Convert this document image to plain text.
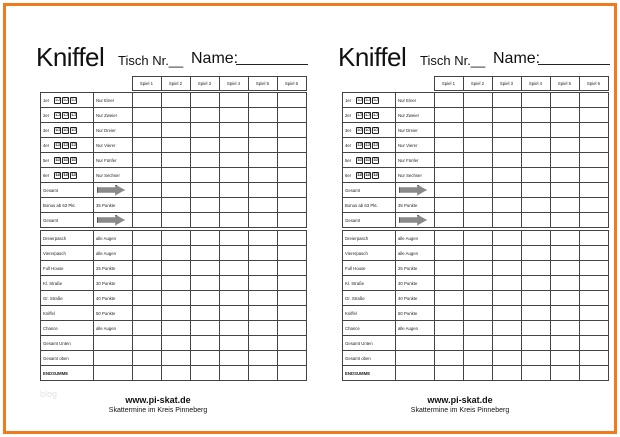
blog
Kniffel Tisch Nr.__ Name:
		Spiel 1	Spiel 2	Spiel 3	Spiel 4	Spiel 5	Spiel 6
1er ⚀ ⚀ ⚀	Nur Einer						

2er ⚁ ⚁ ⚁	Nur Zweier						

3er ⚂ ⚂ ⚂	Nur Dreier						

4er ⚃ ⚃ ⚃	Nur Vierer						

5er ⚄ ⚄ ⚄	Nur Fünfer						

6er ⚅ ⚅ ⚅	Nur Sechser						
Gesamt	

Bonus ab 63 Pkt.	35 Punkte						
Gesamt	

Dreierpasch	alle Augen						
Viererpasch	alle Augen						
Full House	25 Punkte						
Kl. Straße	30 Punkte						
Gr. Straße	40 Punkte						
Kniffel	50 Punkte						
Chance	alle Augen						
Gesamt Unten							
Gesamt oben							
ENDSUMME							
www.pi-skat.de
Skattermine im Kreis Pinneberg
Kniffel Tisch Nr.__ Name:
		Spiel 1	Spiel 2	Spiel 3	Spiel 4	Spiel 5	Spiel 6
1er ⚀ ⚀ ⚀	Nur Einer						

2er ⚁ ⚁ ⚁	Nur Zweier						

3er ⚂ ⚂ ⚂	Nur Dreier						

4er ⚃ ⚃ ⚃	Nur Vierer						

5er ⚄ ⚄ ⚄	Nur Fünfer						

6er ⚅ ⚅ ⚅	Nur Sechser						
Gesamt	

Bonus ab 63 Pkt.	35 Punkte						
Gesamt	

Dreierpasch	alle Augen						
Viererpasch	alle Augen						
Full House	25 Punkte						
Kl. Straße	30 Punkte						
Gr. Straße	40 Punkte						
Kniffel	50 Punkte						
Chance	alle Augen						
Gesamt Unten							
Gesamt oben							
ENDSUMME							
www.pi-skat.de
Skattermine im Kreis Pinneberg
